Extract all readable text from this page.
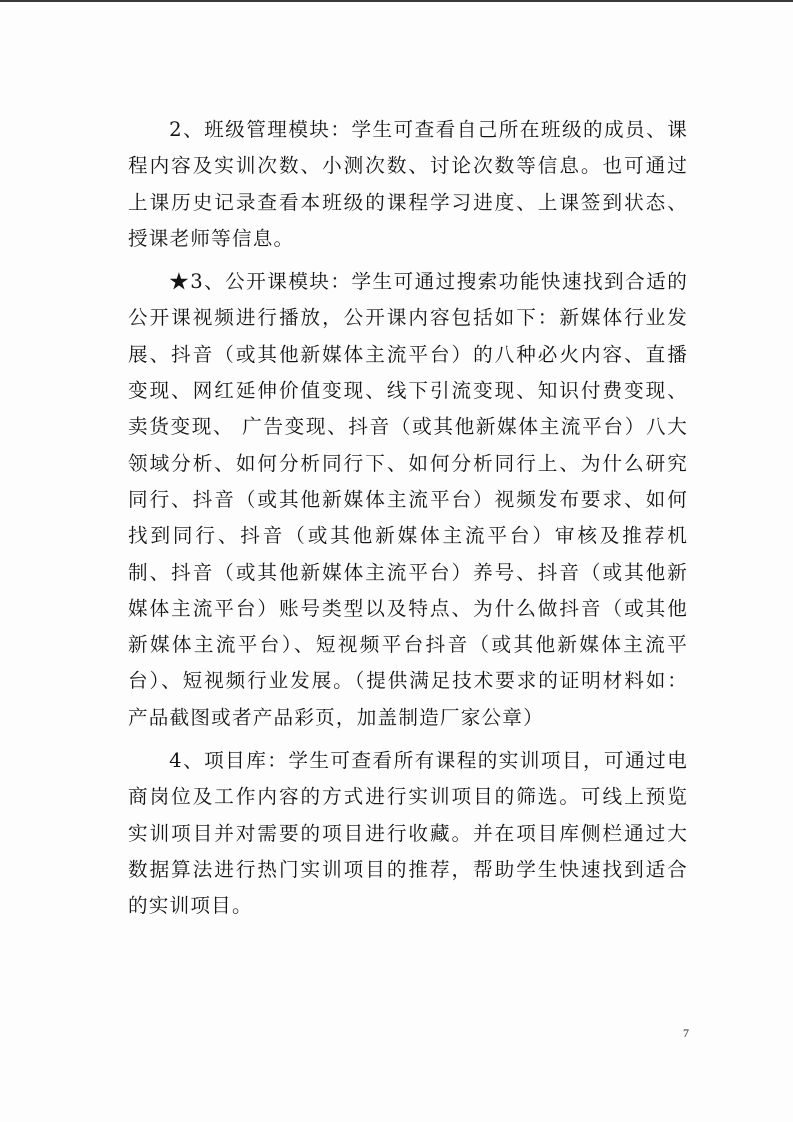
2、班级管理模块：学生可查看自己所在班级的成员、课程内容及实训次数、小测次数、讨论次数等信息。也可通过上课历史记录查看本班级的课程学习进度、上课签到状态、授课老师等信息。

★3、公开课模块：学生可通过搜索功能快速找到合适的公开课视频进行播放，公开课内容包括如下：新媒体行业发展、抖音（或其他新媒体主流平台）的八种必火内容、直播变现、网红延伸价值变现、线下引流变现、知识付费变现、卖货变现、 广告变现、抖音（或其他新媒体主流平台）八大领域分析、如何分析同行下、如何分析同行上、为什么研究同行、抖音（或其他新媒体主流平台）视频发布要求、如何找到同行、抖音（或其他新媒体主流平台）审核及推荐机制、抖音（或其他新媒体主流平台）养号、抖音（或其他新媒体主流平台）账号类型以及特点、为什么做抖音（或其他新媒体主流平台）、短视频平台抖音（或其他新媒体主流平台）、短视频行业发展。（提供满足技术要求的证明材料如：产品截图或者产品彩页，加盖制造厂家公章）

4、项目库：学生可查看所有课程的实训项目，可通过电商岗位及工作内容的方式进行实训项目的筛选。可线上预览实训项目并对需要的项目进行收藏。并在项目库侧栏通过大数据算法进行热门实训项目的推荐，帮助学生快速找到适合的实训项目。

7
